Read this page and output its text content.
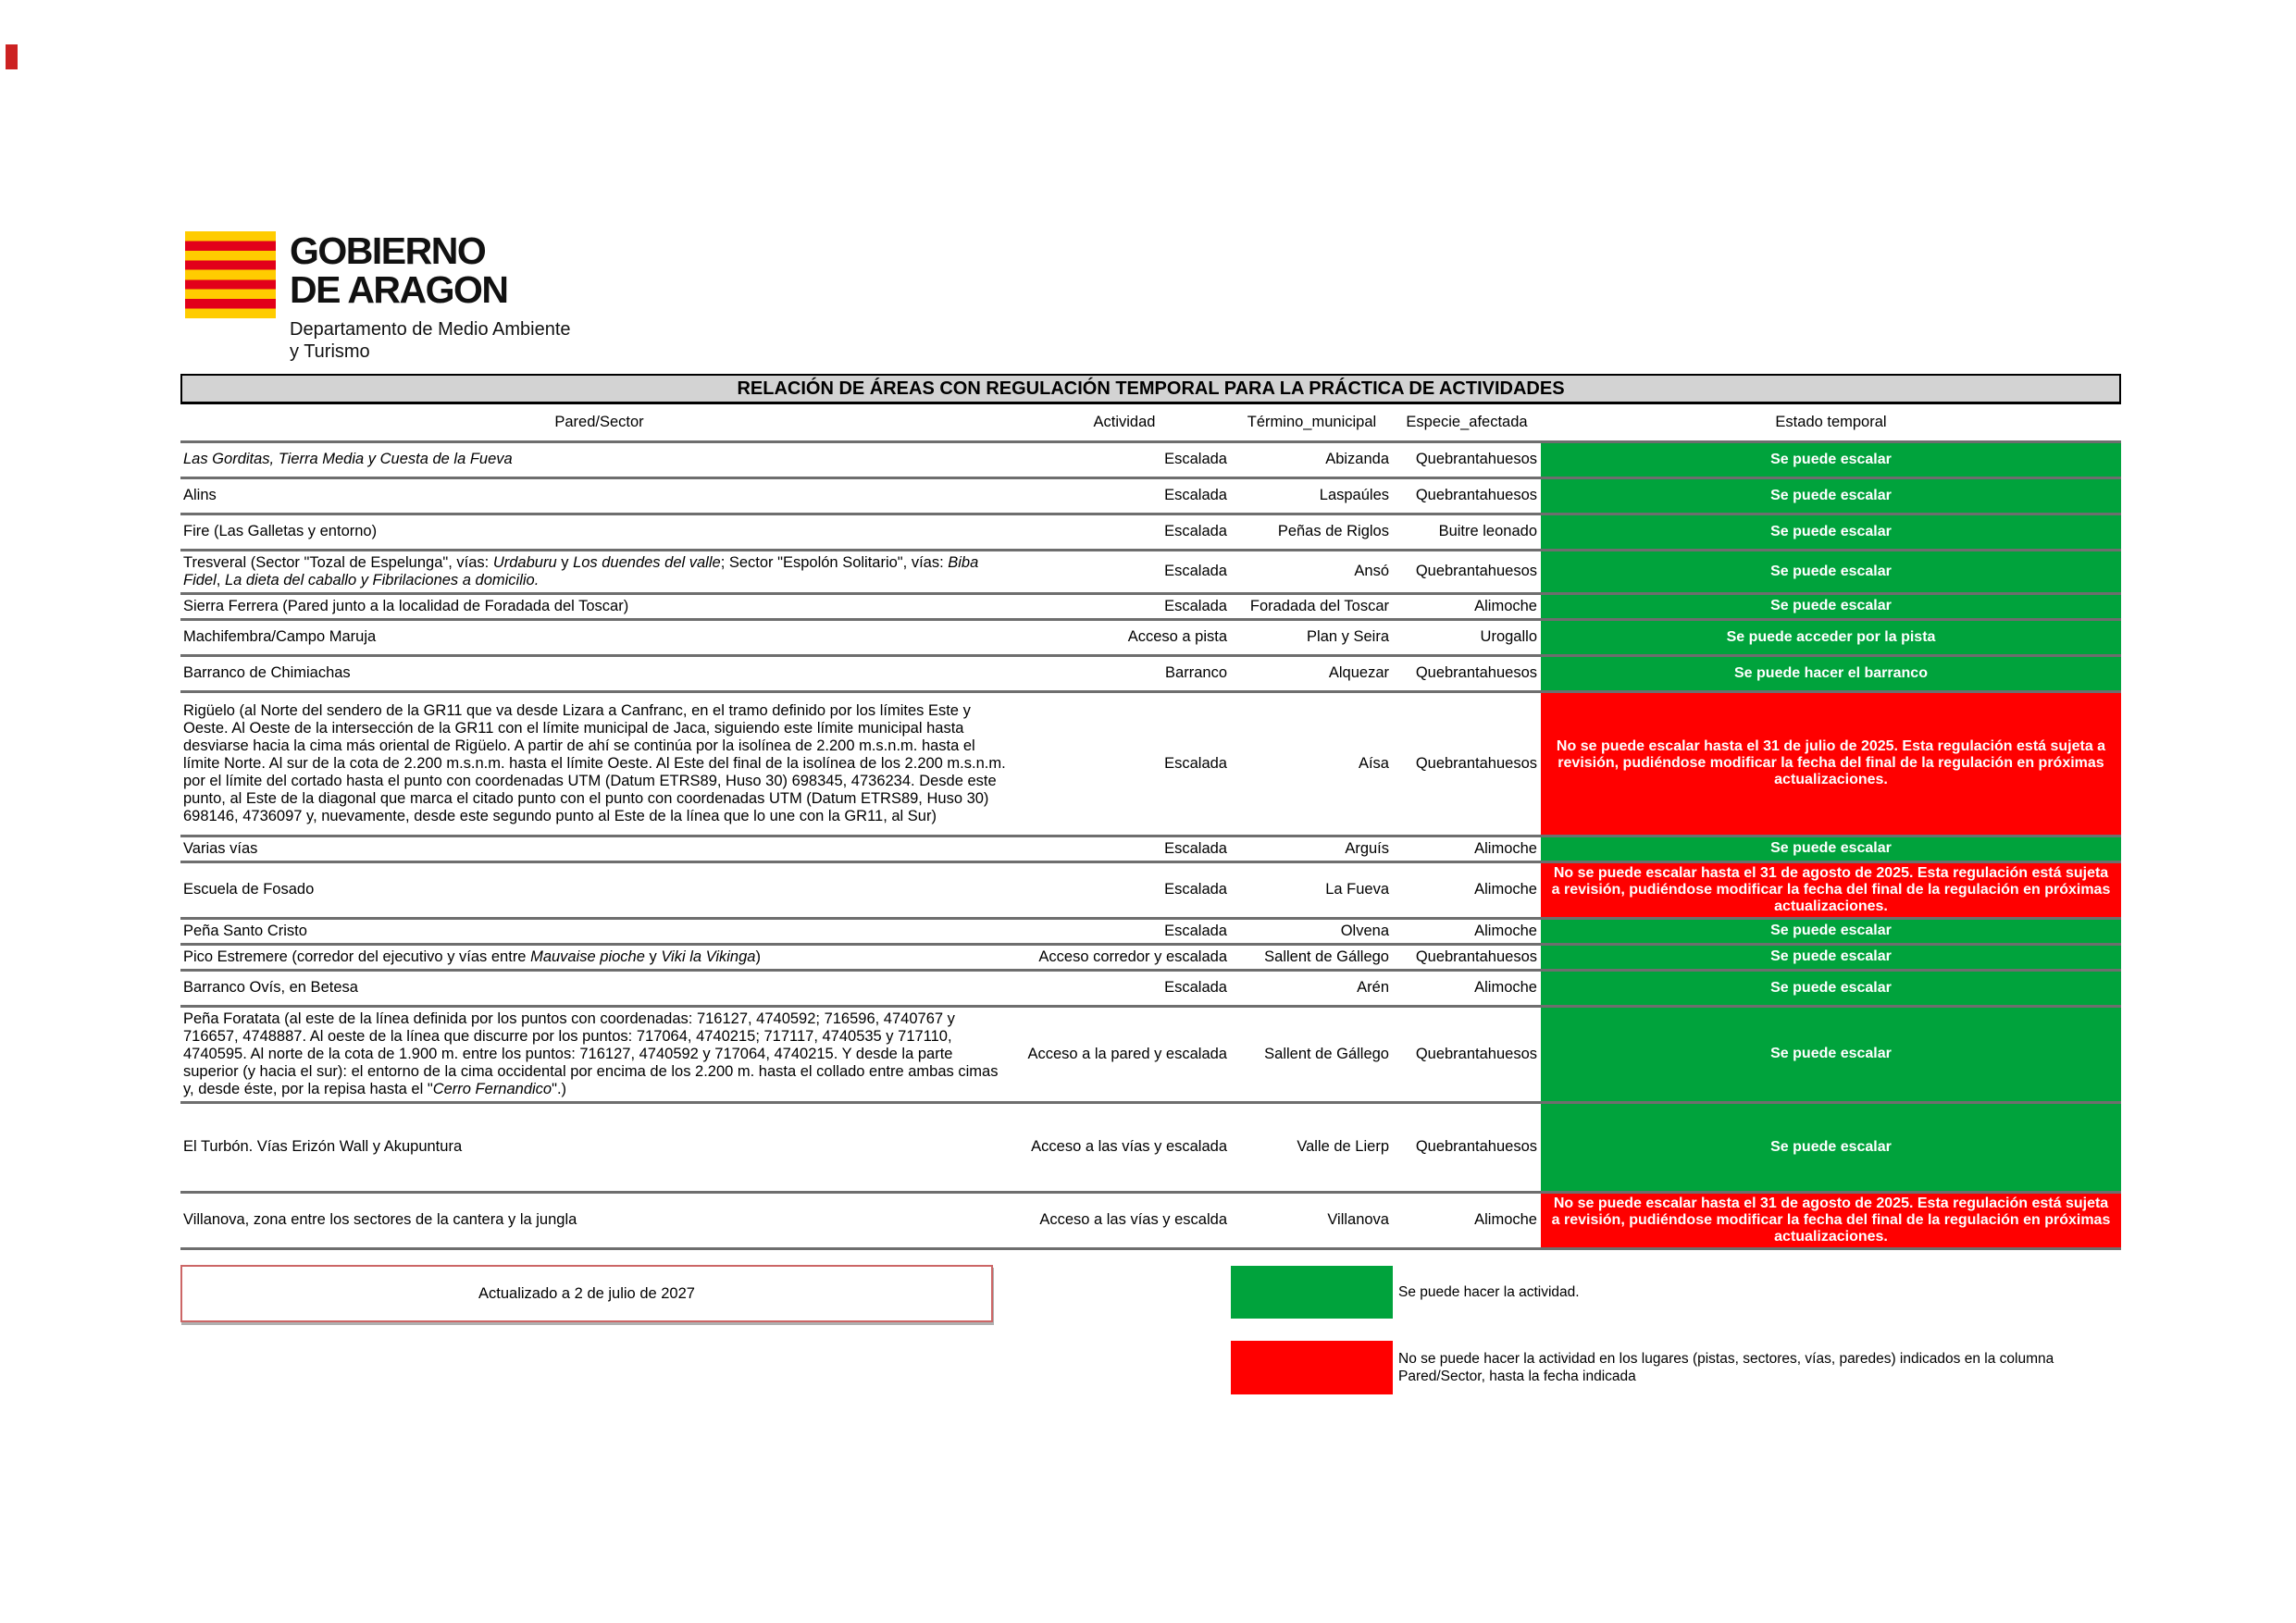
GOBIERNO
DE ARAGON
Departamento de Medio Ambiente
y Turismo
RELACIÓN DE ÁREAS CON REGULACIÓN TEMPORAL PARA LA PRÁCTICA DE ACTIVIDADES
Pared/Sector	Actividad	Término_municipal	Especie_afectada	Estado temporal
Las Gorditas, Tierra Media y Cuesta de la Fueva	Escalada	Abizanda	Quebrantahuesos	Se puede escalar
Alins	Escalada	Laspaúles	Quebrantahuesos	Se puede escalar
Fire (Las Galletas y entorno)	Escalada	Peñas de Riglos	Buitre leonado	Se puede escalar
Tresveral (Sector "Tozal de Espelunga", vías: Urdaburu y Los duendes del valle; Sector "Espolón Solitario", vías: Biba Fidel, La dieta del caballo y Fibrilaciones a domicilio.	Escalada	Ansó	Quebrantahuesos	Se puede escalar
Sierra Ferrera (Pared junto a la localidad de Foradada del Toscar)	Escalada	Foradada del Toscar	Alimoche	Se puede escalar
Machifembra/Campo Maruja	Acceso a pista	Plan y Seira	Urogallo	Se puede acceder por la pista
Barranco de Chimiachas	Barranco	Alquezar	Quebrantahuesos	Se puede hacer el barranco
Rigüelo (al Norte del sendero de la GR11 que va desde Lizara a Canfranc, en el tramo definido por los límites Este y Oeste. Al Oeste de la intersección de la GR11 con el límite municipal de Jaca, siguiendo este límite municipal hasta desviarse hacia la cima más oriental de Rigüelo. A partir de ahí se continúa por la isolínea de 2.200 m.s.n.m. hasta el límite Norte. Al sur de la cota de 2.200 m.s.n.m. hasta el límite Oeste. Al Este del final de la isolínea de los 2.200 m.s.n.m. por el límite del cortado hasta el punto con coordenadas UTM (Datum ETRS89, Huso 30) 698345, 4736234. Desde este punto, al Este de la diagonal que marca el citado punto con el punto con coordenadas UTM (Datum ETRS89, Huso 30) 698146, 4736097 y, nuevamente, desde este segundo punto al Este de la línea que lo une con la GR11, al Sur)	Escalada	Aísa	Quebrantahuesos	No se puede escalar hasta el 31 de julio de 2025. Esta regulación está sujeta a revisión, pudiéndose modificar la fecha del final de la regulación en próximas actualizaciones.
Varias vías	Escalada	Arguís	Alimoche	Se puede escalar
Escuela de Fosado	Escalada	La Fueva	Alimoche	No se puede escalar hasta el 31 de agosto de 2025. Esta regulación está sujeta a revisión, pudiéndose modificar la fecha del final de la regulación en próximas actualizaciones.
Peña Santo Cristo	Escalada	Olvena	Alimoche	Se puede escalar
Pico Estremere (corredor del ejecutivo y vías entre Mauvaise pioche y Viki la Vikinga)	Acceso corredor y escalada	Sallent de Gállego	Quebrantahuesos	Se puede escalar
Barranco Ovís, en Betesa	Escalada	Arén	Alimoche	Se puede escalar
Peña Foratata (al este de la línea definida por los puntos con coordenadas: 716127, 4740592; 716596, 4740767 y 716657, 4748887. Al oeste de la línea que discurre por los puntos: 717064, 4740215; 717117, 4740535 y 717110, 4740595. Al norte de la cota de 1.900 m. entre los puntos: 716127, 4740592 y 717064, 4740215. Y desde la parte superior (y hacia el sur): el entorno de la cima occidental por encima de los 2.200 m. hasta el collado entre ambas cimas y, desde éste, por la repisa hasta el "Cerro Fernandico".)	Acceso a la pared y escalada	Sallent de Gállego	Quebrantahuesos	Se puede escalar
El Turbón. Vías Erizón Wall y Akupuntura	Acceso a las vías y escalada	Valle de Lierp	Quebrantahuesos	Se puede escalar
Villanova, zona entre los sectores de la cantera y la jungla	Acceso a las vías y escalda	Villanova	Alimoche	No se puede escalar hasta el 31 de agosto de 2025. Esta regulación está sujeta a revisión, pudiéndose modificar la fecha del final de la regulación en próximas actualizaciones.
Actualizado a 2 de julio de 2027	Se puede hacer la actividad.
No se puede hacer la actividad en los lugares (pistas, sectores, vías, paredes) indicados en la columna Pared/Sector, hasta la fecha indicada
